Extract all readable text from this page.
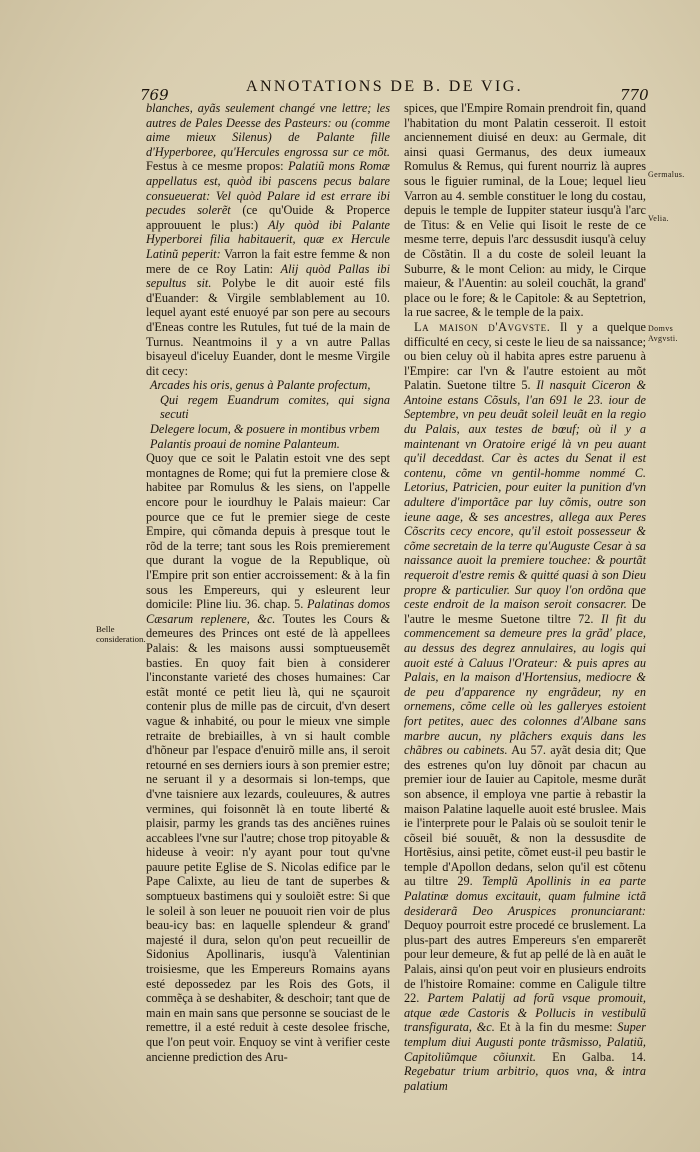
769	ANNOTATIONS DE B. DE VIG.	770

blanches, ayãs seulement changé vne lettre; les autres de Pales Deesse des Pasteurs: ou (comme aime mieux Silenus) de Palante fille d'Hyperboree, qu'Hercules engrossa sur ce mõt. Festus à ce mesme propos: Palatiũ mons Romæ appellatus est, quòd ibi pascens pecus balare consueuerat: Vel quòd Palare id est errare ibi pecudes solerẽt (ce qu'Ouide & Properce approuuent le plus:) Aly quòd ibi Palante Hyperborei filia habitauerit, quæ ex Hercule Latinũ peperit: Varron la fait estre femme & non mere de ce Roy Latin: Alij quòd Pallas ibi sepultus sit. Polybe le dit auoir esté fils d'Euander: & Virgile semblablement au 10. lequel ayant esté enuoyé par son pere au secours d'Eneas contre les Rutules, fut tué de la main de Turnus. Neantmoins il y a vn autre Pallas bisayeul d'iceluy Euander, dont le mesme Virgile dit cecy:

Arcades his oris, genus à Palante profectum,

Qui regem Euandrum comites, qui signa secuti

Delegere locum, & posuere in montibus vrbem

Palantis proaui de nomine Palanteum.

Quoy que ce soit le Palatin estoit vne des sept montagnes de Rome; qui fut la premiere close & habitee par Romulus & les siens, on l'appelle encore pour le iourdhuy le Palais maieur: Car pource que ce fut le premier siege de ceste Empire, qui cõmanda depuis à presque tout le rõd de la terre; tant sous les Rois premierement que durant la vogue de la Republique, où l'Empire prit son entier accroissement: & à la fin sous les Empereurs, qui y esleurent leur domicile: Pline liu. 36. chap. 5. Palatinas domos Cæsarum replenere, &c. Toutes les Cours & demeures des Princes ont esté de là appellees Palais: & les maisons aussi somptueusemẽt basties. En quoy fait bien à considerer l'inconstante varieté des choses humaines: Car estãt monté ce petit lieu là, qui ne sçauroit contenir plus de mille pas de circuit, d'vn desert vague & inhabité, ou pour le mieux vne simple retraite de brebiailles, à vn si hault comble d'hõneur par l'espace d'enuirõ mille ans, il seroit retourné en ses derniers iours à son premier estre; ne seruant il y a desormais si lon-temps, que d'vne taisniere aux lezards, couleuures, & autres vermines, qui foisonnẽt là en toute liberté & plaisir, parmy les grands tas des anciẽnes ruines accablees l'vne sur l'autre; chose trop pitoyable & hideuse à veoir: n'y ayant pour tout qu'vne pauure petite Eglise de S. Nicolas edifice par le Pape Calixte, au lieu de tant de superbes & somptueux bastimens qui y souloiẽt estre: Si que le soleil à son leuer ne pouuoit rien voir de plus beau-icy bas: en laquelle splendeur & grand' majesté il dura, selon qu'on peut recueillir de Sidonius Apollinaris, iusqu'à Valentinian troisiesme, que les Empereurs Romains ayans esté depossedez par les Rois des Gots, il commẽça à se deshabiter, & deschoir; tant que de main en main sans que personne se souciast de le remettre, il a esté reduit à ceste desolee frische, que l'on peut voir. Enquoy se vint à verifier ceste ancienne prediction des Aru-

Belle consideration.

spices, que l'Empire Romain prendroit fin, quand l'habitation du mont Palatin cesseroit. Il estoit anciennement diuisé en deux: au Germale, dit ainsi quasi Germanus, des deux iumeaux Romulus & Remus, qui furent nourriz là aupres sous le figuier ruminal, de la Loue; lequel lieu Varron au 4. semble constituer le long du costau, depuis le temple de Iuppiter stateur iusqu'à l'arc de Titus: & en Velie qui Iisoit le reste de ce mesme terre, depuis l'arc dessusdit iusqu'à celuy de Cõstãtin. Il a du coste de soleil leuant la Suburre, & le mont Celion: au midy, le Cirque maieur, & l'Auentin: au soleil couchãt, la grand' place ou le fore; & le Capitole: & au Septetrion, la rue sacree, & le temple de la paix.

La maison d'Avgvste. Il y a quelque difficulté en cecy, si ceste le lieu de sa naissance; ou bien celuy où il habita apres estre paruenu à l'Empire: car l'vn & l'autre estoient au mõt Palatin. Suetone tiltre 5. Il nasquit Ciceron & Antoine estans Cõsuls, l'an 691 le 23. iour de Septembre, vn peu deuãt soleil leuãt en la regio du Palais, aux testes de bœuf; où il y a maintenant vn Oratoire erigé là vn peu auant qu'il deceddast. Car ès actes du Senat il est contenu, cõme vn gentil-homme nommé C. Letorius, Patricien, pour euiter la punition d'vn adultere d'importãce par luy cõmis, outre son ieune aage, & ses ancestres, allega aux Peres Cõscrits cecy encore, qu'il estoit possesseur & cõme secretain de la terre qu'Auguste Cesar à sa naissance auoit la premiere touchee: & pourtãt requeroit d'estre remis & quitté quasi à son Dieu propre & particulier. Sur quoy l'on ordõna que ceste endroit de la maison seroit consacrer. De l'autre le mesme Suetone tiltre 72. Il fit du commencement sa demeure pres la grãd' place, au dessus des degrez annulaires, au logis qui auoit esté à Caluus l'Orateur: & puis apres au Palais, en la maison d'Hortensius, mediocre & de peu d'apparence ny engrãdeur, ny en ornemens, cõme celle où les galleryes estoient fort petites, auec des colonnes d'Albane sans marbre aucun, ny plãchers exquis dans les chãbres ou cabinets. Au 57. ayãt desia dit; Que des estrenes qu'on luy dõnoit par chacun au premier iour de Iauier au Capitole, mesme durãt son absence, il employa vne partie à rebastir la maison Palatine laquelle auoit esté bruslee. Mais ie l'interprete pour le Palais où se souloit tenir le cõseil bié souuẽt, & non la dessusdite de Hortẽsius, ainsi petite, cõmet eust-il peu bastir le temple d'Apollon dedans, selon qu'il est cõtenu au tiltre 29. Templũ Apollinis in ea parte Palatinæ domus excitauit, quam fulmine ictã desiderarã Deo Aruspices pronunciarant: Dequoy pourroit estre procedé ce bruslement. La plus-part des autres Empereurs s'en emparerẽt pour leur demeure, & fut ap pellé de là en auãt le Palais, ainsi qu'on peut voir en plusieurs endroits de l'histoire Romaine: comme en Caligule tiltre 22. Partem Palatij ad forũ vsque promouit, atque æde Castoris & Pollucis in vestibulũ transfigurata, &c. Et à la fin du mesme: Super templum diui Augusti ponte trãsmisso, Palatiũ, Capitoliũmque cõiunxit. En Galba. 14. Regebatur trium arbitrio, quos vna, & intra palatium

Germalus.
Velia.
Domvs Avgvsti.
